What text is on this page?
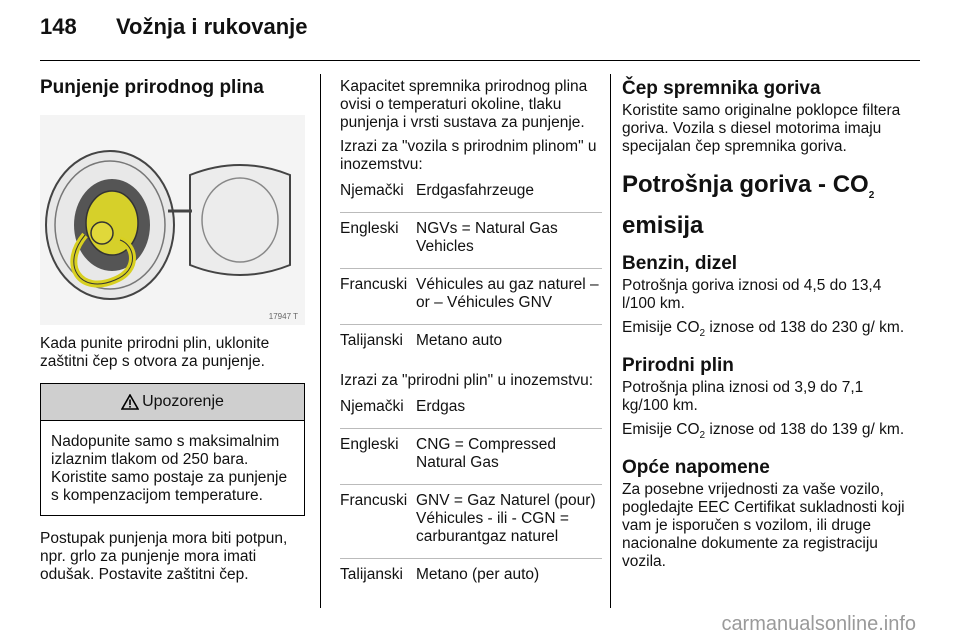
148 Vožnja i rukovanje
Punjenje prirodnog plina
17947 T

Kada punite prirodni plin, uklonite zaštitni čep s otvora za punjenje.

Upozorenje
Nadopunite samo s maksimalnim izlaznim tlakom od 250 bara. Koristite samo postaje za punjenje s kompenzacijom temperature.

Postupak punjenja mora biti potpun, npr. grlo za punjenje mora imati odušak. Postavite zaštitni čep.

Kapacitet spremnika prirodnog plina ovisi o temperaturi okoline, tlaku punjenja i vrsti sustava za punjenje.

Izrazi za "vozila s prirodnim plinom" u inozemstvu:

Njemački	Erdgasfahrzeuge
Engleski	NGVs = Natural Gas Vehicles
Francuski	Véhicules au gaz naturel – or – Véhicules GNV
Talijanski	Metano auto

Izrazi za "prirodni plin" u inozemstvu:

Njemački	Erdgas
Engleski	CNG = Compressed Natural Gas
Francuski	GNV = Gaz Naturel (pour) Véhicules - ili - CGN = carburantgaz naturel
Talijanski	Metano (per auto)
Čep spremnika goriva

Koristite samo originalne poklopce filtera goriva. Vozila s diesel motorima imaju specijalan čep spremnika goriva.

Potrošnja goriva - $CO_2$
emisija
Benzin, dizel

Potrošnja goriva iznosi od 4,5 do 13,4 l/100 km.

Emisije $CO_2$ iznose od 138 do 230 g/ km.

Prirodni plin

Potrošnja plina iznosi od 3,9 do 7,1 kg/100 km.

Emisije $CO_2$ iznose od 138 do 139 g/ km.

Opće napomene

Za posebne vrijednosti za vaše vozilo, pogledajte EEC Certifikat sukladnosti koji vam je isporučen s vozilom, ili druge nacionalne dokumente za registraciju vozila.

carmanualsonline.info
